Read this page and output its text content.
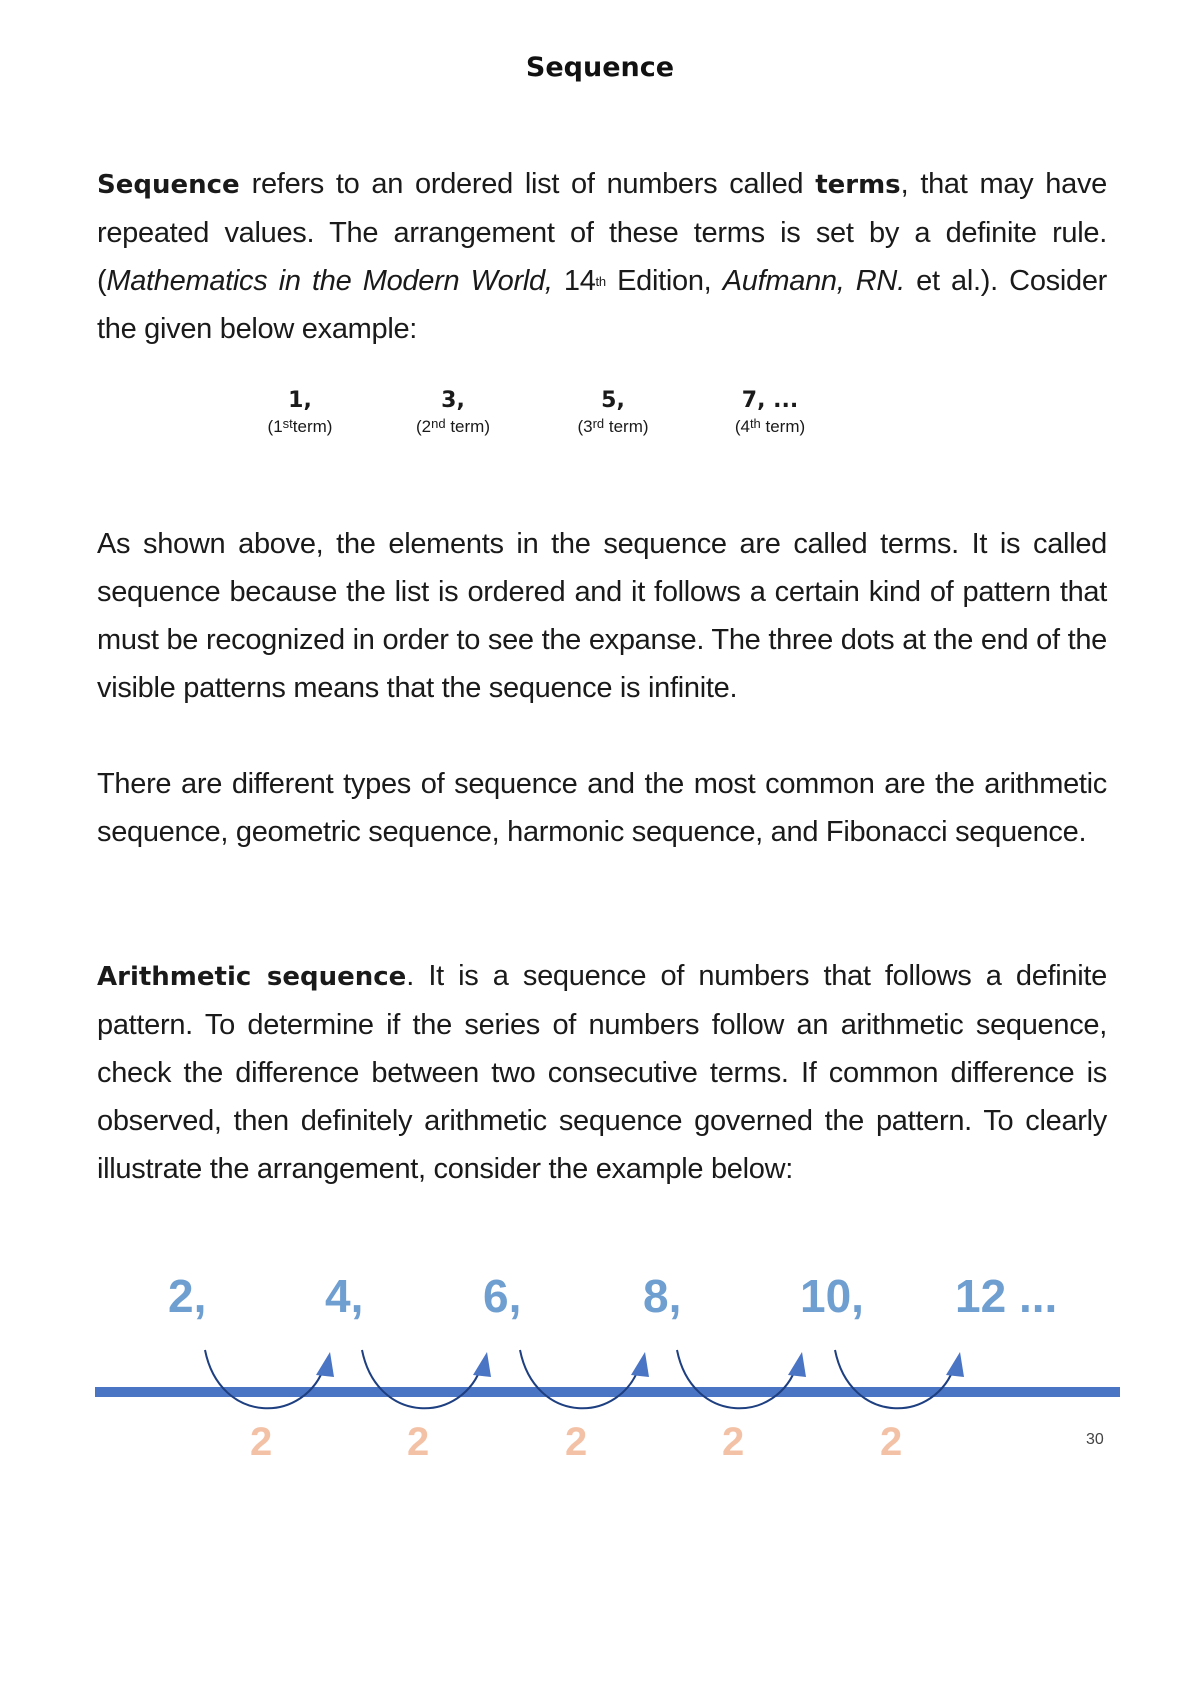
Sequence

Sequence refers to an ordered list of numbers called terms, that may have repeated values. The arrangement of these terms is set by a definite rule. (Mathematics in the Modern World, 14th Edition, Aufmann, RN. et al.). Cosider the given below example:

1,
(1stterm)
3,
(2nd term)
5,
(3rd term)
7, ...
(4th term)

As shown above, the elements in the sequence are called terms. It is called sequence because the list is ordered and it follows a certain kind of pattern that must be recognized in order to see the expanse. The three dots at the end of the visible patterns means that the sequence is infinite.

There are different types of sequence and the most common are the arithmetic sequence, geometric sequence, harmonic sequence, and Fibonacci sequence.

Arithmetic sequence. It is a sequence of numbers that follows a definite pattern. To determine if the series of numbers follow an arithmetic sequence, check the difference between two consecutive terms. If common difference is observed, then definitely arithmetic sequence governed the pattern. To clearly illustrate the arrangement, consider the example below:

2,	4,	6,	8,	10, 12 ...
2	2	2	2	2	30
